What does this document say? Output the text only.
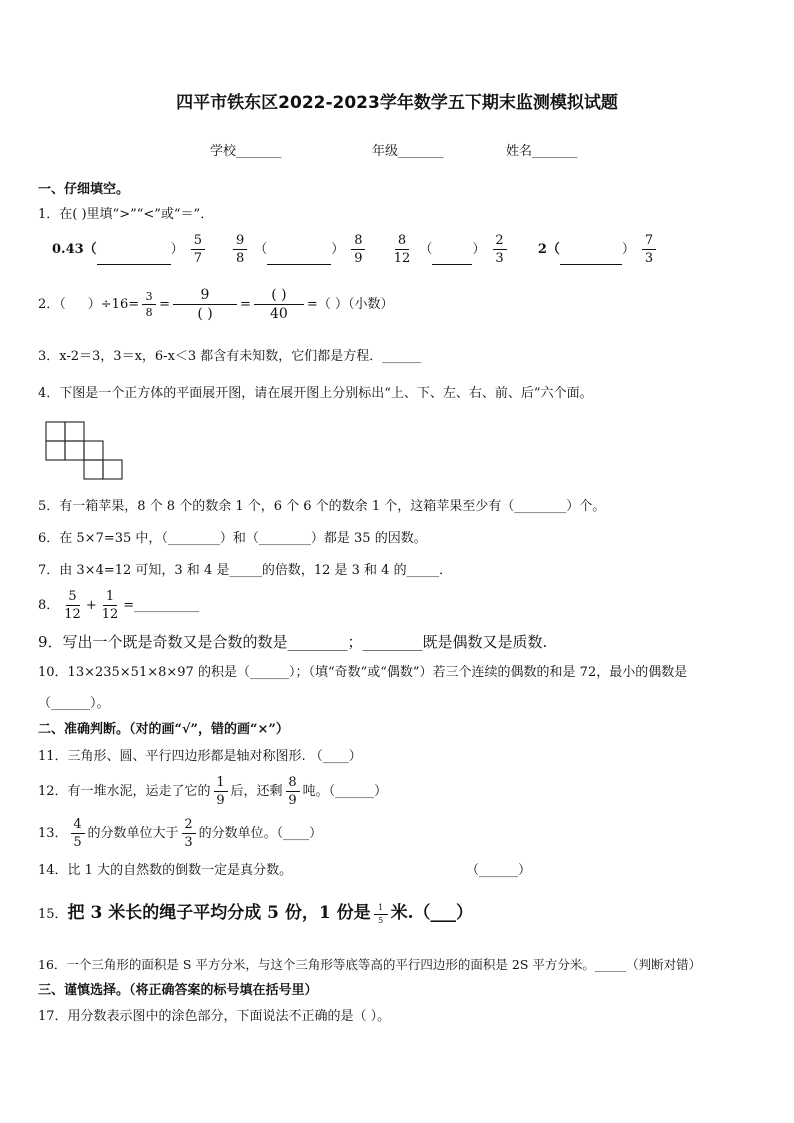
四平市铁东区2022-2023学年数学五下期末监测模拟试题
学校_______	年级_______	姓名_______
一、仔细填空。
1．在( )里填“>”“<”或“＝”．
0.43（	） $\frac{5}{7}$
$\frac{9}{8}$ （	） $\frac{8}{9}$
$\frac{8}{12}$ （	） $\frac{2}{3} 2$（	） $\frac{7}{3}$
2．（ ）$\div 16= \frac{3}{8} = \frac{9}{( )} = \frac{( )}{40}$ =（ ）（小数）
3．x-2＝3，3＝x，6-x＜3 都含有未知数，它们都是方程．______
4．下图是一个正方体的平面展开图，请在展开图上分别标出“上、下、左、右、前、后”六个面。
5．有一箱苹果，8 个 8 个的数余 1 个，6 个 6 个的数余 1 个，这箱苹果至少有（________）个。
6．在 5×7=35 中，（________）和（________）都是 35 的因数。
7．由 3×4=12 可知，3 和 4 是_____的倍数，12 是 3 和 4 的_____．
8． $\frac{5}{12} + \frac{1}{12}$ =__________
9．写出一个既是奇数又是合数的数是________；________既是偶数又是质数.
10．13×235×51×8×97 的积是（______）；（填“奇数”或“偶数”）若三个连续的偶数的和是 72，最小的偶数是
（______）。
二、准确判断。（对的画“√”，错的画“×”）
11．三角形、圆、平行四边形都是轴对称图形. （____）
12．有一堆水泥，运走了它的 $\frac{1}{9}$ 后，还剩 $\frac{8}{9}$ 吨。（______）
13． $\frac{4}{5}$ 的分数单位大于 $\frac{2}{3}$ 的分数单位。（____）
14．比 1 大的自然数的倒数一定是真分数。	（______）
15．把 3 米长的绳子平均分成 5 份，1 份是 $\frac{1}{5}$ 米.（___）
16．一个三角形的面积是 S 平方分米，与这个三角形等底等高的平行四边形的面积是 2S 平方分米。_____（判断对错）
三、谨慎选择。（将正确答案的标号填在括号里）
17．用分数表示图中的涂色部分，下面说法不正确的是（ ）。
